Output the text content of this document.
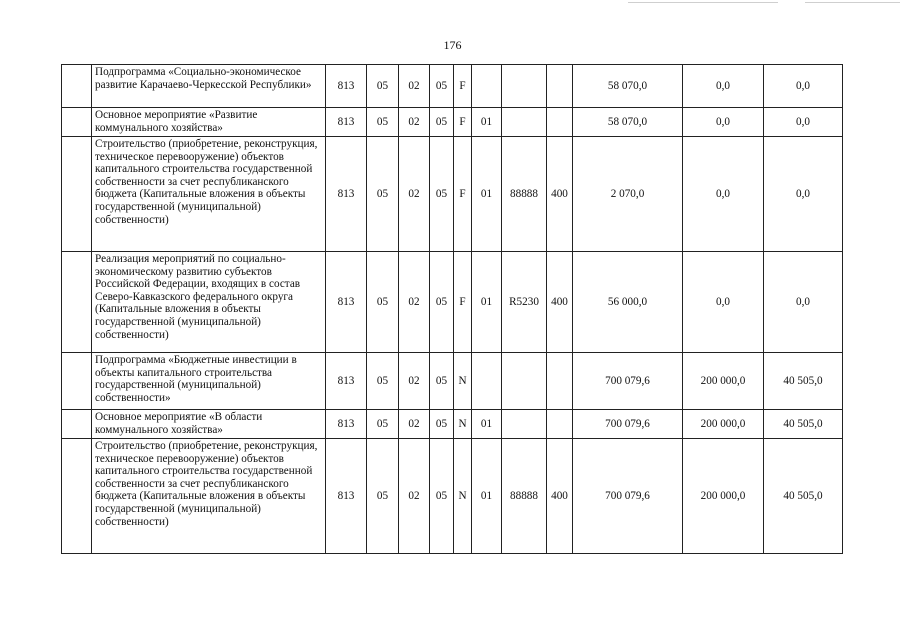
176
	Подпрограмма «Социально-экономическое развитие Карачаево-Черкесской Республики»	813	05	02	05	F				58 070,0	0,0	0,0
	Основное мероприятие «Развитие коммунального хозяйства»	813	05	02	05	F	01			58 070,0	0,0	0,0
	Строительство (приобретение, реконструкция, техническое перевооружение) объектов капитального строительства государственной собственности за счет республиканского бюджета (Капитальные вложения в объекты государственной (муниципальной) собственности)	813	05	02	05	F	01	88888	400	2 070,0	0,0	0,0
	Реализация мероприятий по социально-экономическому развитию субъектов Российской Федерации, входящих в состав Северо-Кавказского федерального округа (Капитальные вложения в объекты государственной (муниципальной) собственности)	813	05	02	05	F	01	R5230	400	56 000,0	0,0	0,0
	Подпрограмма «Бюджетные инвестиции в объекты капитального строительства государственной (муниципальной) собственности»	813	05	02	05	N				700 079,6	200 000,0	40 505,0
	Основное мероприятие «В области коммунального хозяйства»	813	05	02	05	N	01			700 079,6	200 000,0	40 505,0
	Строительство (приобретение, реконструкция, техническое перевооружение) объектов капитального строительства государственной собственности за счет республиканского бюджета (Капитальные вложения в объекты государственной (муниципальной) собственности)	813	05	02	05	N	01	88888	400	700 079,6	200 000,0	40 505,0
